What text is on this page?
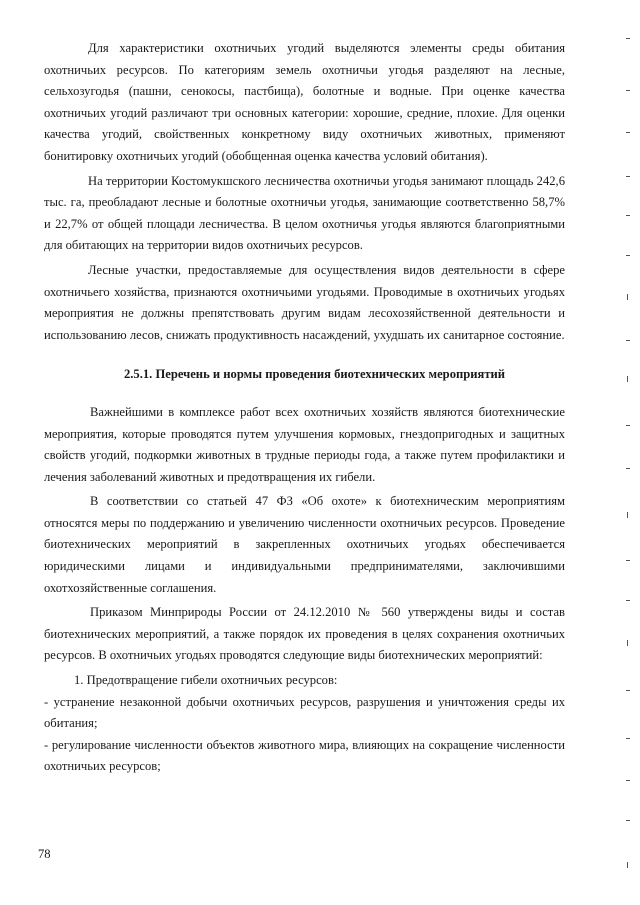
Для характеристики охотничьих угодий выделяются элементы среды обитания охотничьих ресурсов. По категориям земель охотничьи угодья разделяют на лесные, сельхозугодья (пашни, сенокосы, пастбища), болотные и водные. При оценке качества охотничьих угодий различают три основных категории: хорошие, средние, плохие. Для оценки качества угодий, свойственных конкретному виду охотничьих животных, применяют бонитировку охотничьих угодий (обобщенная оценка качества условий обитания).

На территории Костомукшского лесничества охотничьи угодья занимают площадь 242,6 тыс. га, преобладают лесные и болотные охотничьи угодья, занимающие соответственно 58,7% и 22,7% от общей площади лесничества. В целом охотничья угодья являются благоприятными для обитающих на территории видов охотничьих ресурсов.

Лесные участки, предоставляемые для осуществления видов деятельности в сфере охотничьего хозяйства, признаются охотничьими угодьями. Проводимые в охотничьих угодьях мероприятия не должны препятствовать другим видам лесохозяйственной деятельности и использованию лесов, снижать продуктивность насаждений, ухудшать их санитарное состояние.

2.5.1. Перечень и нормы проведения биотехнических мероприятий

Важнейшими в комплексе работ всех охотничьих хозяйств являются биотехнические мероприятия, которые проводятся путем улучшения кормовых, гнездопригодных и защитных свойств угодий, подкормки животных в трудные периоды года, а также путем профилактики и лечения заболеваний животных и предотвращения их гибели.

В соответствии со статьей 47 ФЗ «Об охоте» к биотехническим мероприятиям относятся меры по поддержанию и увеличению численности охотничьих ресурсов. Проведение биотехнических мероприятий в закрепленных охотничьих угодьях обеспечивается юридическими лицами и индивидуальными предпринимателями, заключившими охотхозяйственные соглашения.

Приказом Минприроды России от 24.12.2010 № 560 утверждены виды и состав биотехнических мероприятий, а также порядок их проведения в целях сохранения охотничьих ресурсов. В охотничьих угодьях проводятся следующие виды биотехнических мероприятий:

1. Предотвращение гибели охотничьих ресурсов:

- устранение незаконной добычи охотничьих ресурсов, разрушения и уничтожения среды их обитания;

- регулирование численности объектов животного мира, влияющих на сокращение численности охотничьих ресурсов;

78
